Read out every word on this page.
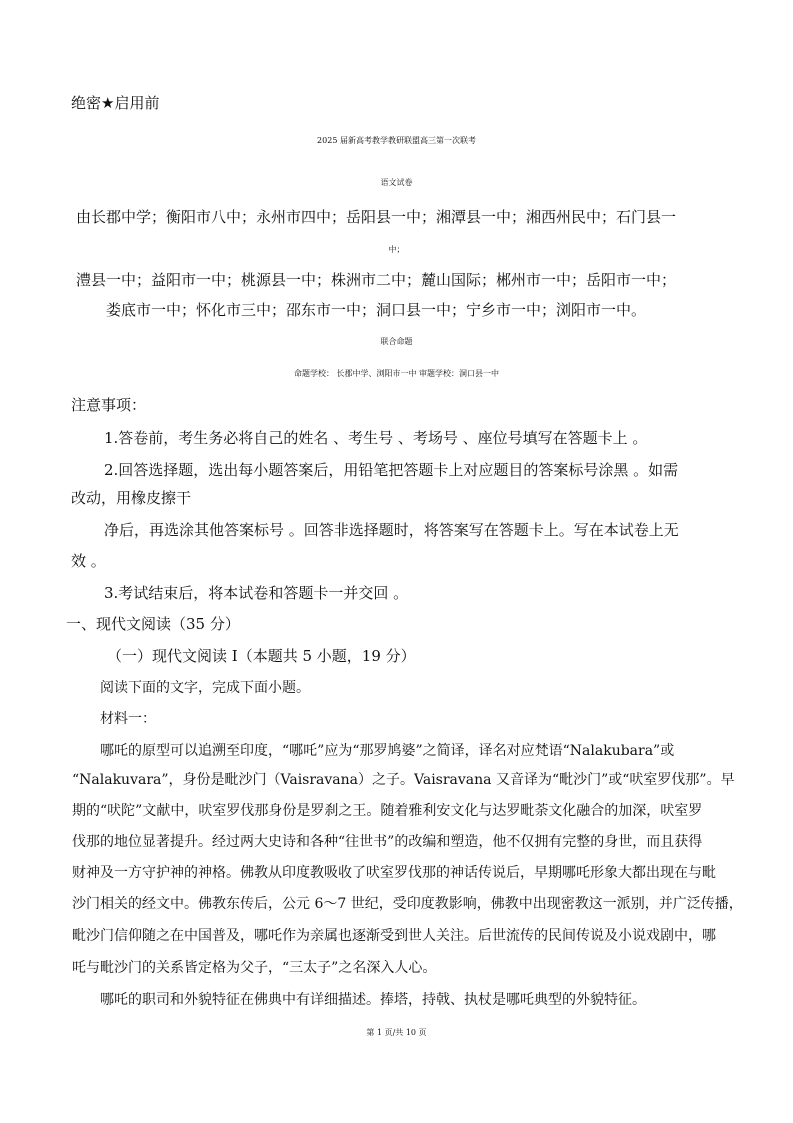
绝密★启用前
2025 届新高考教学教研联盟高三第一次联考
语文试卷
由长郡中学；衡阳市八中；永州市四中；岳阳县一中；湘潭县一中；湘西州民中；石门县一
中；
澧县一中；益阳市一中；桃源县一中；株洲市二中；麓山国际；郴州市一中；岳阳市一中；
娄底市一中；怀化市三中；邵东市一中；洞口县一中；宁乡市一中；浏阳市一中。
联合命题
命题学校： 长郡中学、浏阳市一中 审题学校：洞口县一中
注意事项：
1.答卷前，考生务必将自己的姓名 、考生号 、考场号 、座位号填写在答题卡上 。
2.回答选择题，选出每小题答案后，用铅笔把答题卡上对应题目的答案标号涂黑 。如需
改动，用橡皮擦干
净后，再选涂其他答案标号 。回答非选择题时，将答案写在答题卡上。写在本试卷上无
效 。
3.考试结束后，将本试卷和答题卡一并交回 。
一、现代文阅读（35 分）
（一）现代文阅读 I（本题共 5 小题，19 分）
阅读下面的文字，完成下面小题。
材料一：
哪吒的原型可以追溯至印度，“哪吒”应为“那罗鸠婆”之简译，译名对应梵语“Nalakubara”或
“Nalakuvara”，身份是毗沙门（Vaisravana）之子。Vaisravana 又音译为“毗沙门”或“吠室罗伐那”。早
期的“吠陀”文献中，吠室罗伐那身份是罗刹之王。随着雅利安文化与达罗毗荼文化融合的加深，吠室罗
伐那的地位显著提升。经过两大史诗和各种“往世书”的改编和塑造，他不仅拥有完整的身世，而且获得
财神及一方守护神的神格。佛教从印度教吸收了吠室罗伐那的神话传说后，早期哪吒形象大都出现在与毗
沙门相关的经文中。佛教东传后，公元 6～7 世纪，受印度教影响，佛教中出现密教这一派别，并广泛传播，
毗沙门信仰随之在中国普及，哪吒作为亲属也逐渐受到世人关注。后世流传的民间传说及小说戏剧中，哪
吒与毗沙门的关系皆定格为父子，“三太子”之名深入人心。
哪吒的职司和外貌特征在佛典中有详细描述。捧塔，持戟、执杖是哪吒典型的外貌特征。
第 1 页/共 10 页
